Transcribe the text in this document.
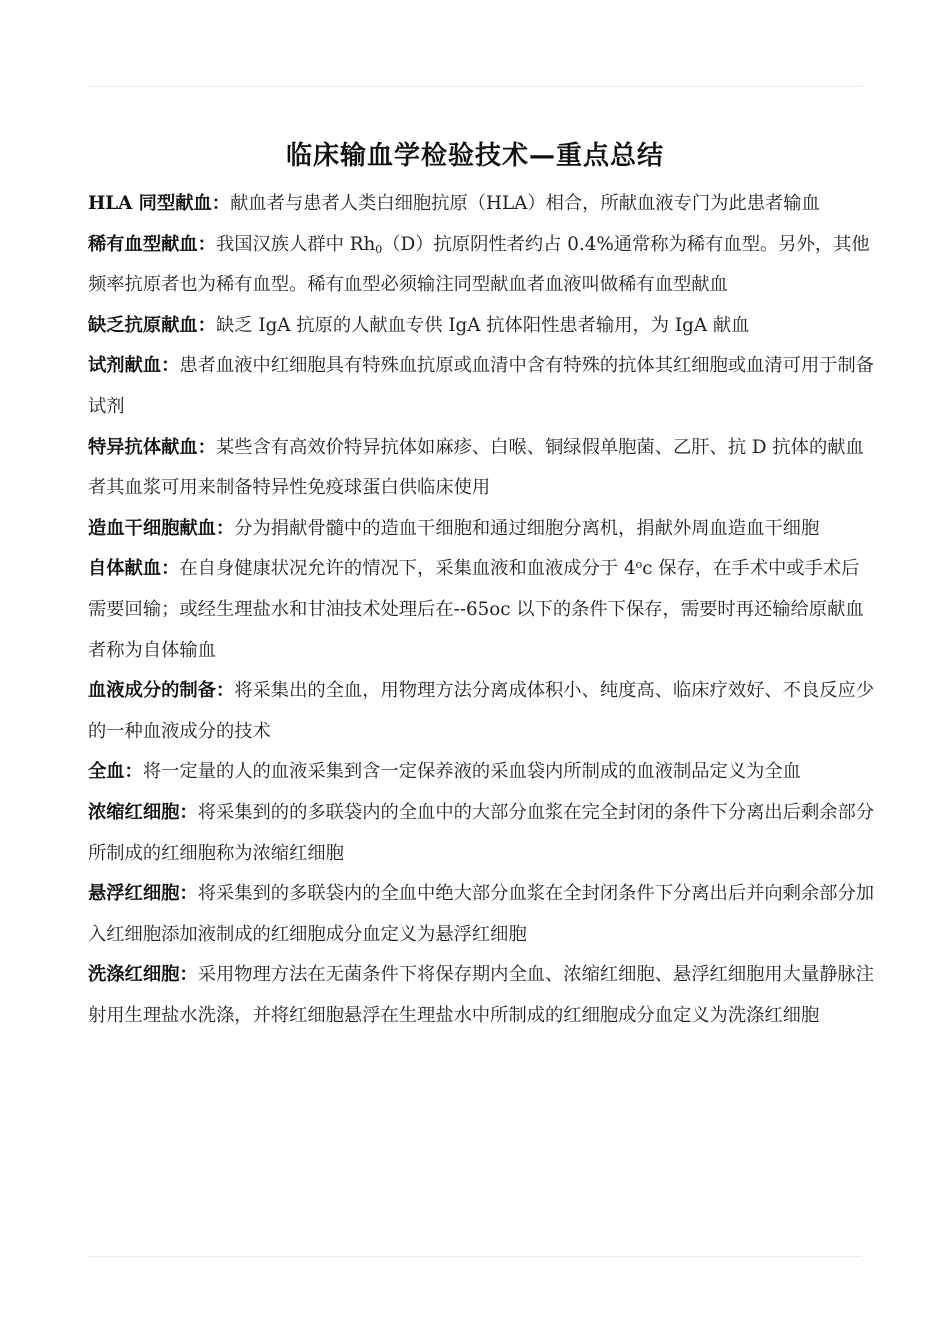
临床输血学检验技术—重点总结

HLA 同型献血：献血者与患者人类白细胞抗原（HLA）相合，所献血液专门为此患者输血

稀有血型献血：我国汉族人群中 $Rh_0(D)$抗原阴性者约占 0.4%通常称为稀有血型。另外，其他频率抗原者也为稀有血型。稀有血型必须输注同型献血者血液叫做稀有血型献血

缺乏抗原献血：缺乏 IgA 抗原的人献血专供 IgA 抗体阳性患者输用，为 IgA 献血

试剂献血：患者血液中红细胞具有特殊血抗原或血清中含有特殊的抗体其红细胞或血清可用于制备试剂

特异抗体献血：某些含有高效价特异抗体如麻疹、白喉、铜绿假单胞菌、乙肝、抗 D 抗体的献血者其血浆可用来制备特异性免疫球蛋白供临床使用

造血干细胞献血：分为捐献骨髓中的造血干细胞和通过细胞分离机，捐献外周血造血干细胞

自体献血：在自身健康状况允许的情况下，采集血液和血液成分于 4$^o$c 保存，在手术中或手术后需要回输；或经生理盐水和甘油技术处理后在--65oc 以下的条件下保存，需要时再还输给原献血者称为自体输血

血液成分的制备：将采集出的全血，用物理方法分离成体积小、纯度高、临床疗效好、不良反应少的一种血液成分的技术

全血：将一定量的人的血液采集到含一定保养液的采血袋内所制成的血液制品定义为全血

浓缩红细胞：将采集到的的多联袋内的全血中的大部分血浆在完全封闭的条件下分离出后剩余部分所制成的红细胞称为浓缩红细胞

悬浮红细胞：将采集到的多联袋内的全血中绝大部分血浆在全封闭条件下分离出后并向剩余部分加入红细胞添加液制成的红细胞成分血定义为悬浮红细胞

洗涤红细胞：采用物理方法在无菌条件下将保存期内全血、浓缩红细胞、悬浮红细胞用大量静脉注射用生理盐水洗涤，并将红细胞悬浮在生理盐水中所制成的红细胞成分血定义为洗涤红细胞
